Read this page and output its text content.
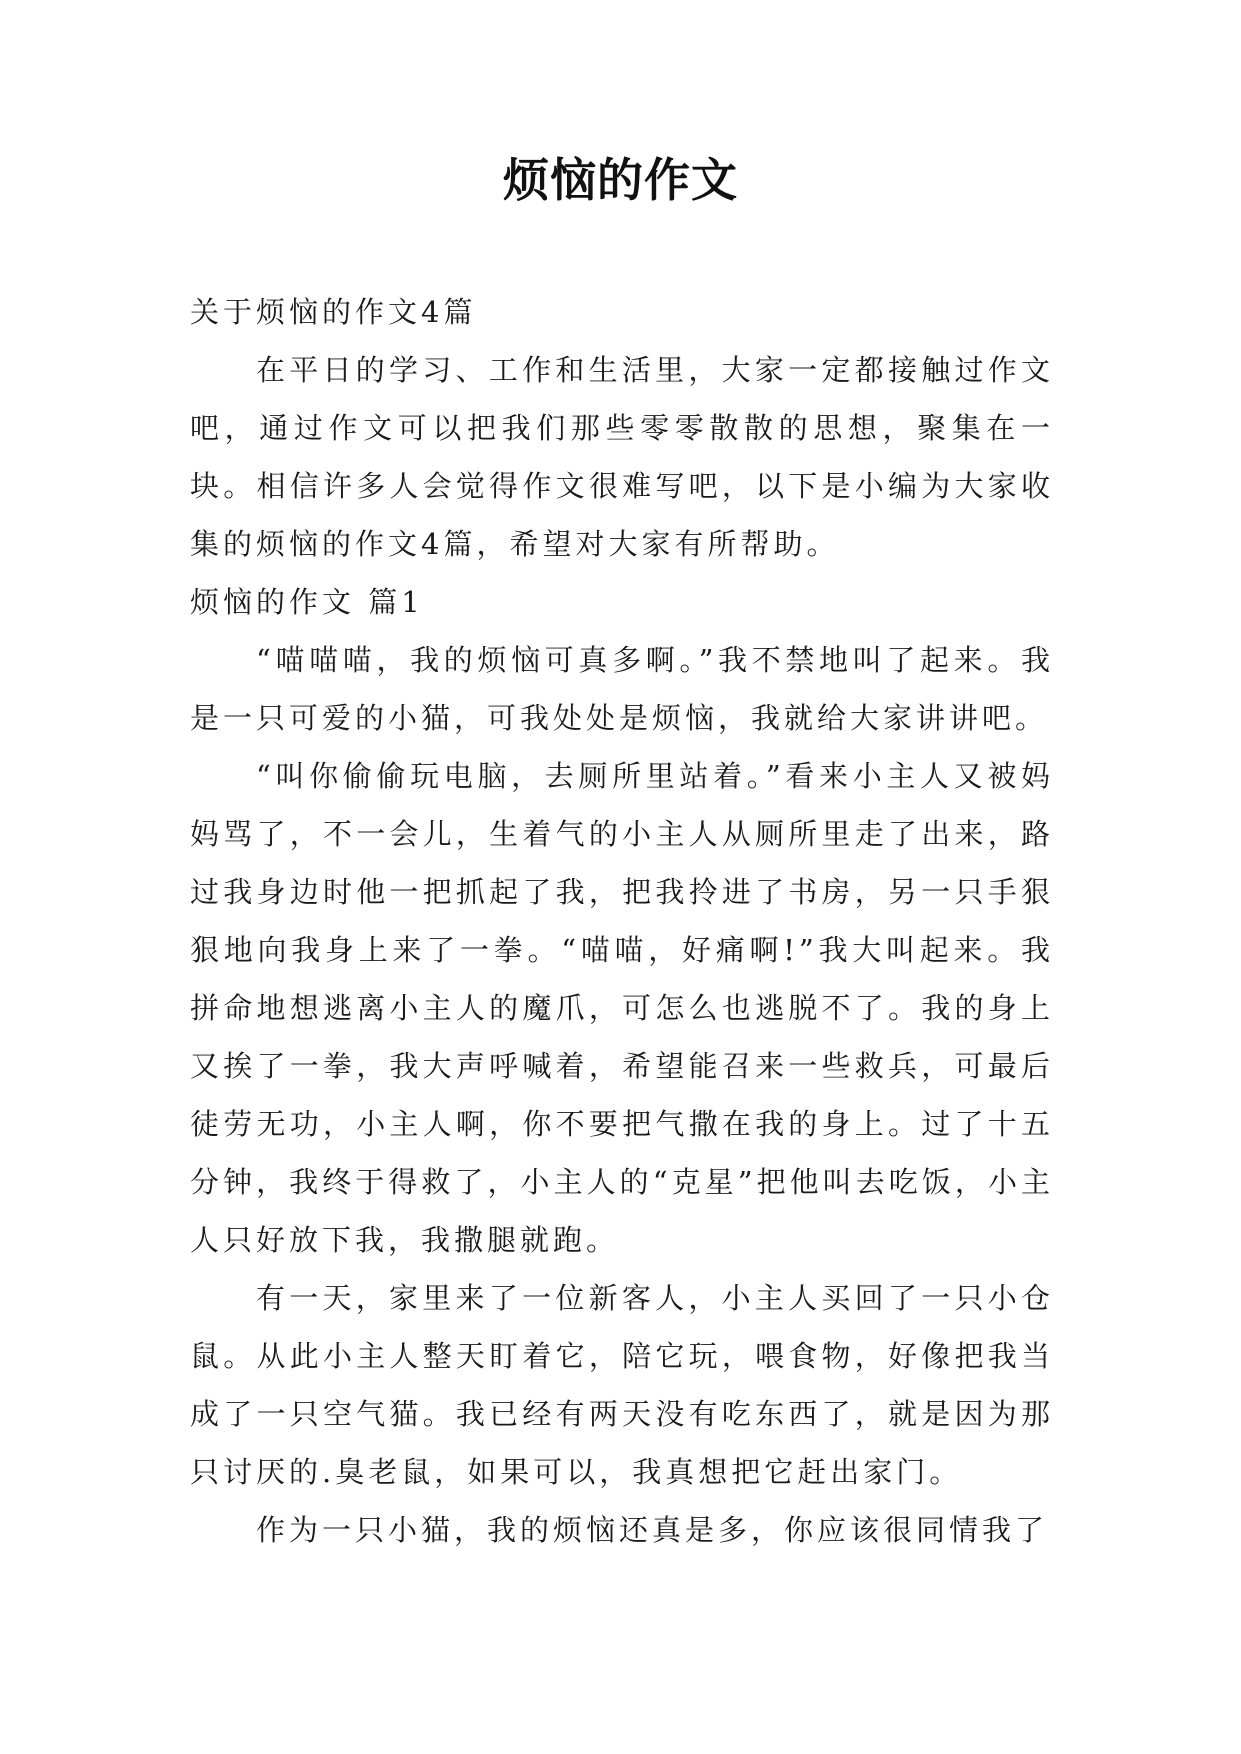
烦恼的作文

关于烦恼的作文4篇

在平日的学习、工作和生活里，大家一定都接触过作文吧，通过作文可以把我们那些零零散散的思想，聚集在一块。相信许多人会觉得作文很难写吧，以下是小编为大家收集的烦恼的作文4篇，希望对大家有所帮助。

烦恼的作文 篇1

“喵喵喵，我的烦恼可真多啊。”我不禁地叫了起来。我是一只可爱的小猫，可我处处是烦恼，我就给大家讲讲吧。

“叫你偷偷玩电脑，去厕所里站着。”看来小主人又被妈妈骂了，不一会儿，生着气的小主人从厕所里走了出来，路过我身边时他一把抓起了我，把我拎进了书房，另一只手狠狠地向我身上来了一拳。“喵喵，好痛啊!”我大叫起来。我拼命地想逃离小主人的魔爪，可怎么也逃脱不了。我的身上又挨了一拳，我大声呼喊着，希望能召来一些救兵，可最后徒劳无功，小主人啊，你不要把气撒在我的身上。过了十五分钟，我终于得救了，小主人的“克星”把他叫去吃饭，小主人只好放下我，我撒腿就跑。

有一天，家里来了一位新客人，小主人买回了一只小仓鼠。从此小主人整天盯着它，陪它玩，喂食物，好像把我当成了一只空气猫。我已经有两天没有吃东西了，就是因为那只讨厌的.臭老鼠，如果可以，我真想把它赶出家门。

作为一只小猫，我的烦恼还真是多，你应该很同情我了
